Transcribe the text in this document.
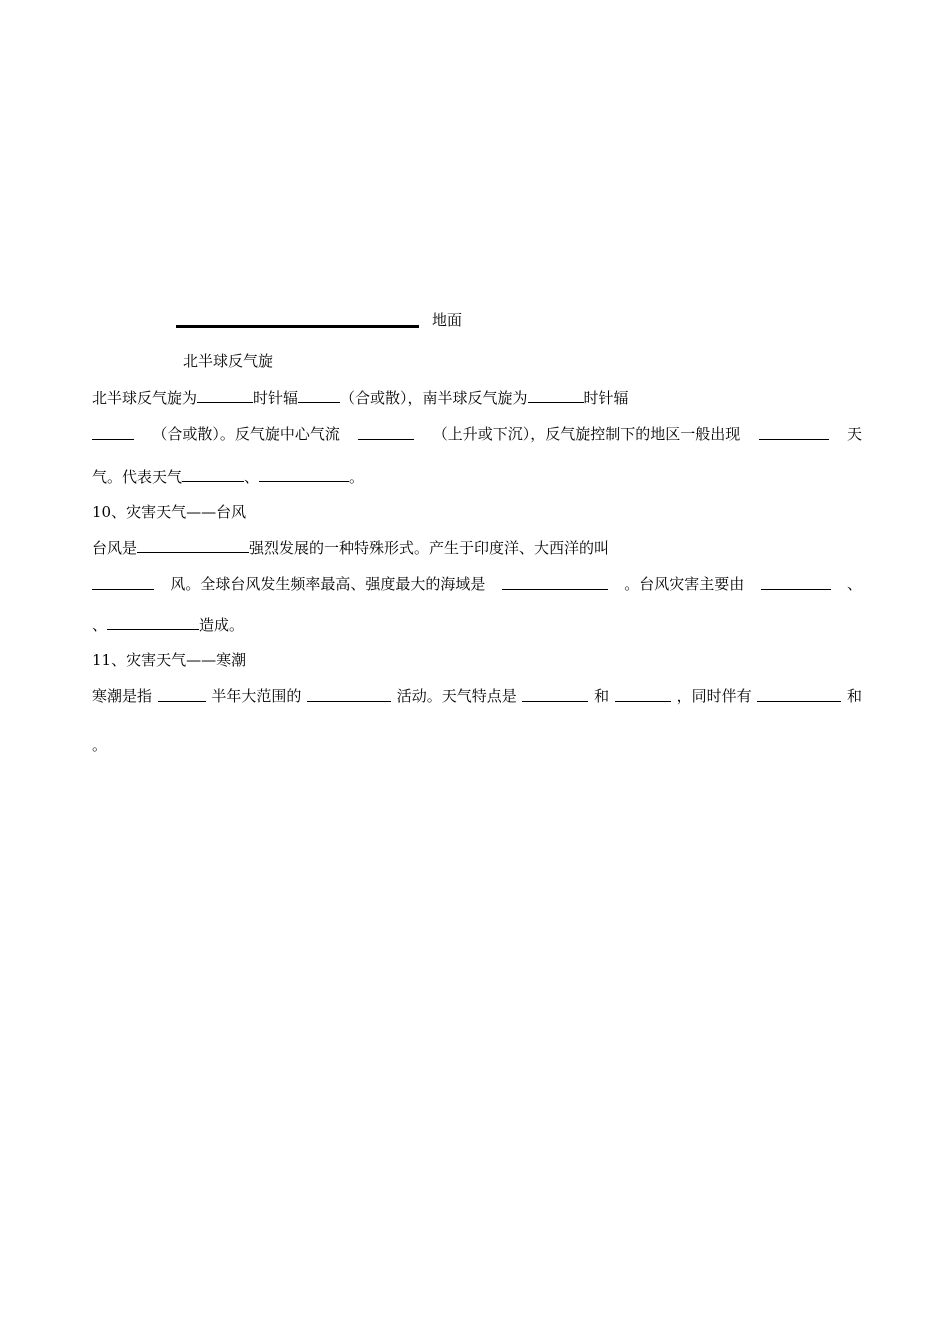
地面
北半球反气旋
北半球反气旋为	时针辐	（合或散），南半球反气旋为	时针辐
（合或散）。反气旋中心气流	（上升或下沉），反气旋控制下的地区一般出现	天
气。代表天气	、	。
10、灾害天气——台风
台风是	强烈发展的一种特殊形式。产生于印度洋、大西洋的叫
风。全球台风发生频率最高、强度最大的海域是	。台风灾害主要由	、
、	造成。
11、灾害天气——寒潮
寒潮是指	半年大范围的	活动。天气特点是	和	，同时伴有	和
。
